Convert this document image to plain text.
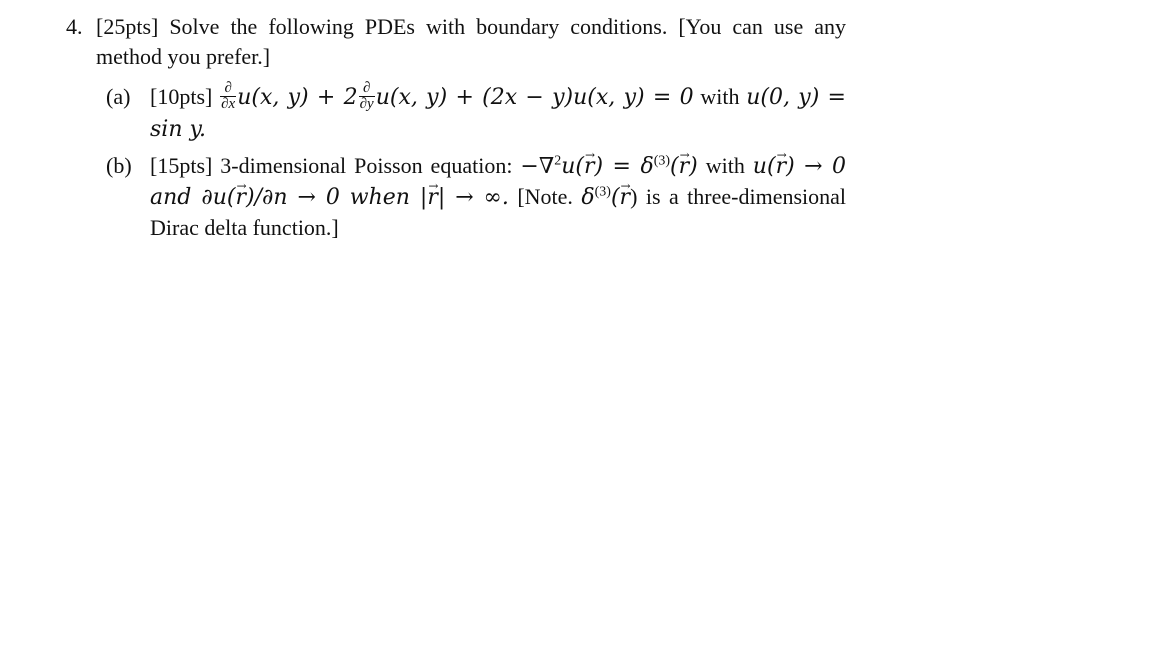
4. [25pts] Solve the following PDEs with boundary conditions. [You can use any method you prefer.]
(a) $[10pts] \frac{\partial}{\partial x} u(x$, $y) + 2 \frac{\partial}{\partial y} u(x$, y) + (2x − y)u(x, y) = 0 with u(0, y) = sin y.
(b) [15pts] 3-dimensional Poisson equation: $-\nabla^2u(\to r) = \delta^{(3)}(\to r)$ with u(→ r) → 0 and ∂u(→ r)/∂n → 0 when |→ r| → ∞. [Note. $\delta^{(3)}(\to r)$ is a three-dimensional Dirac delta function.]
